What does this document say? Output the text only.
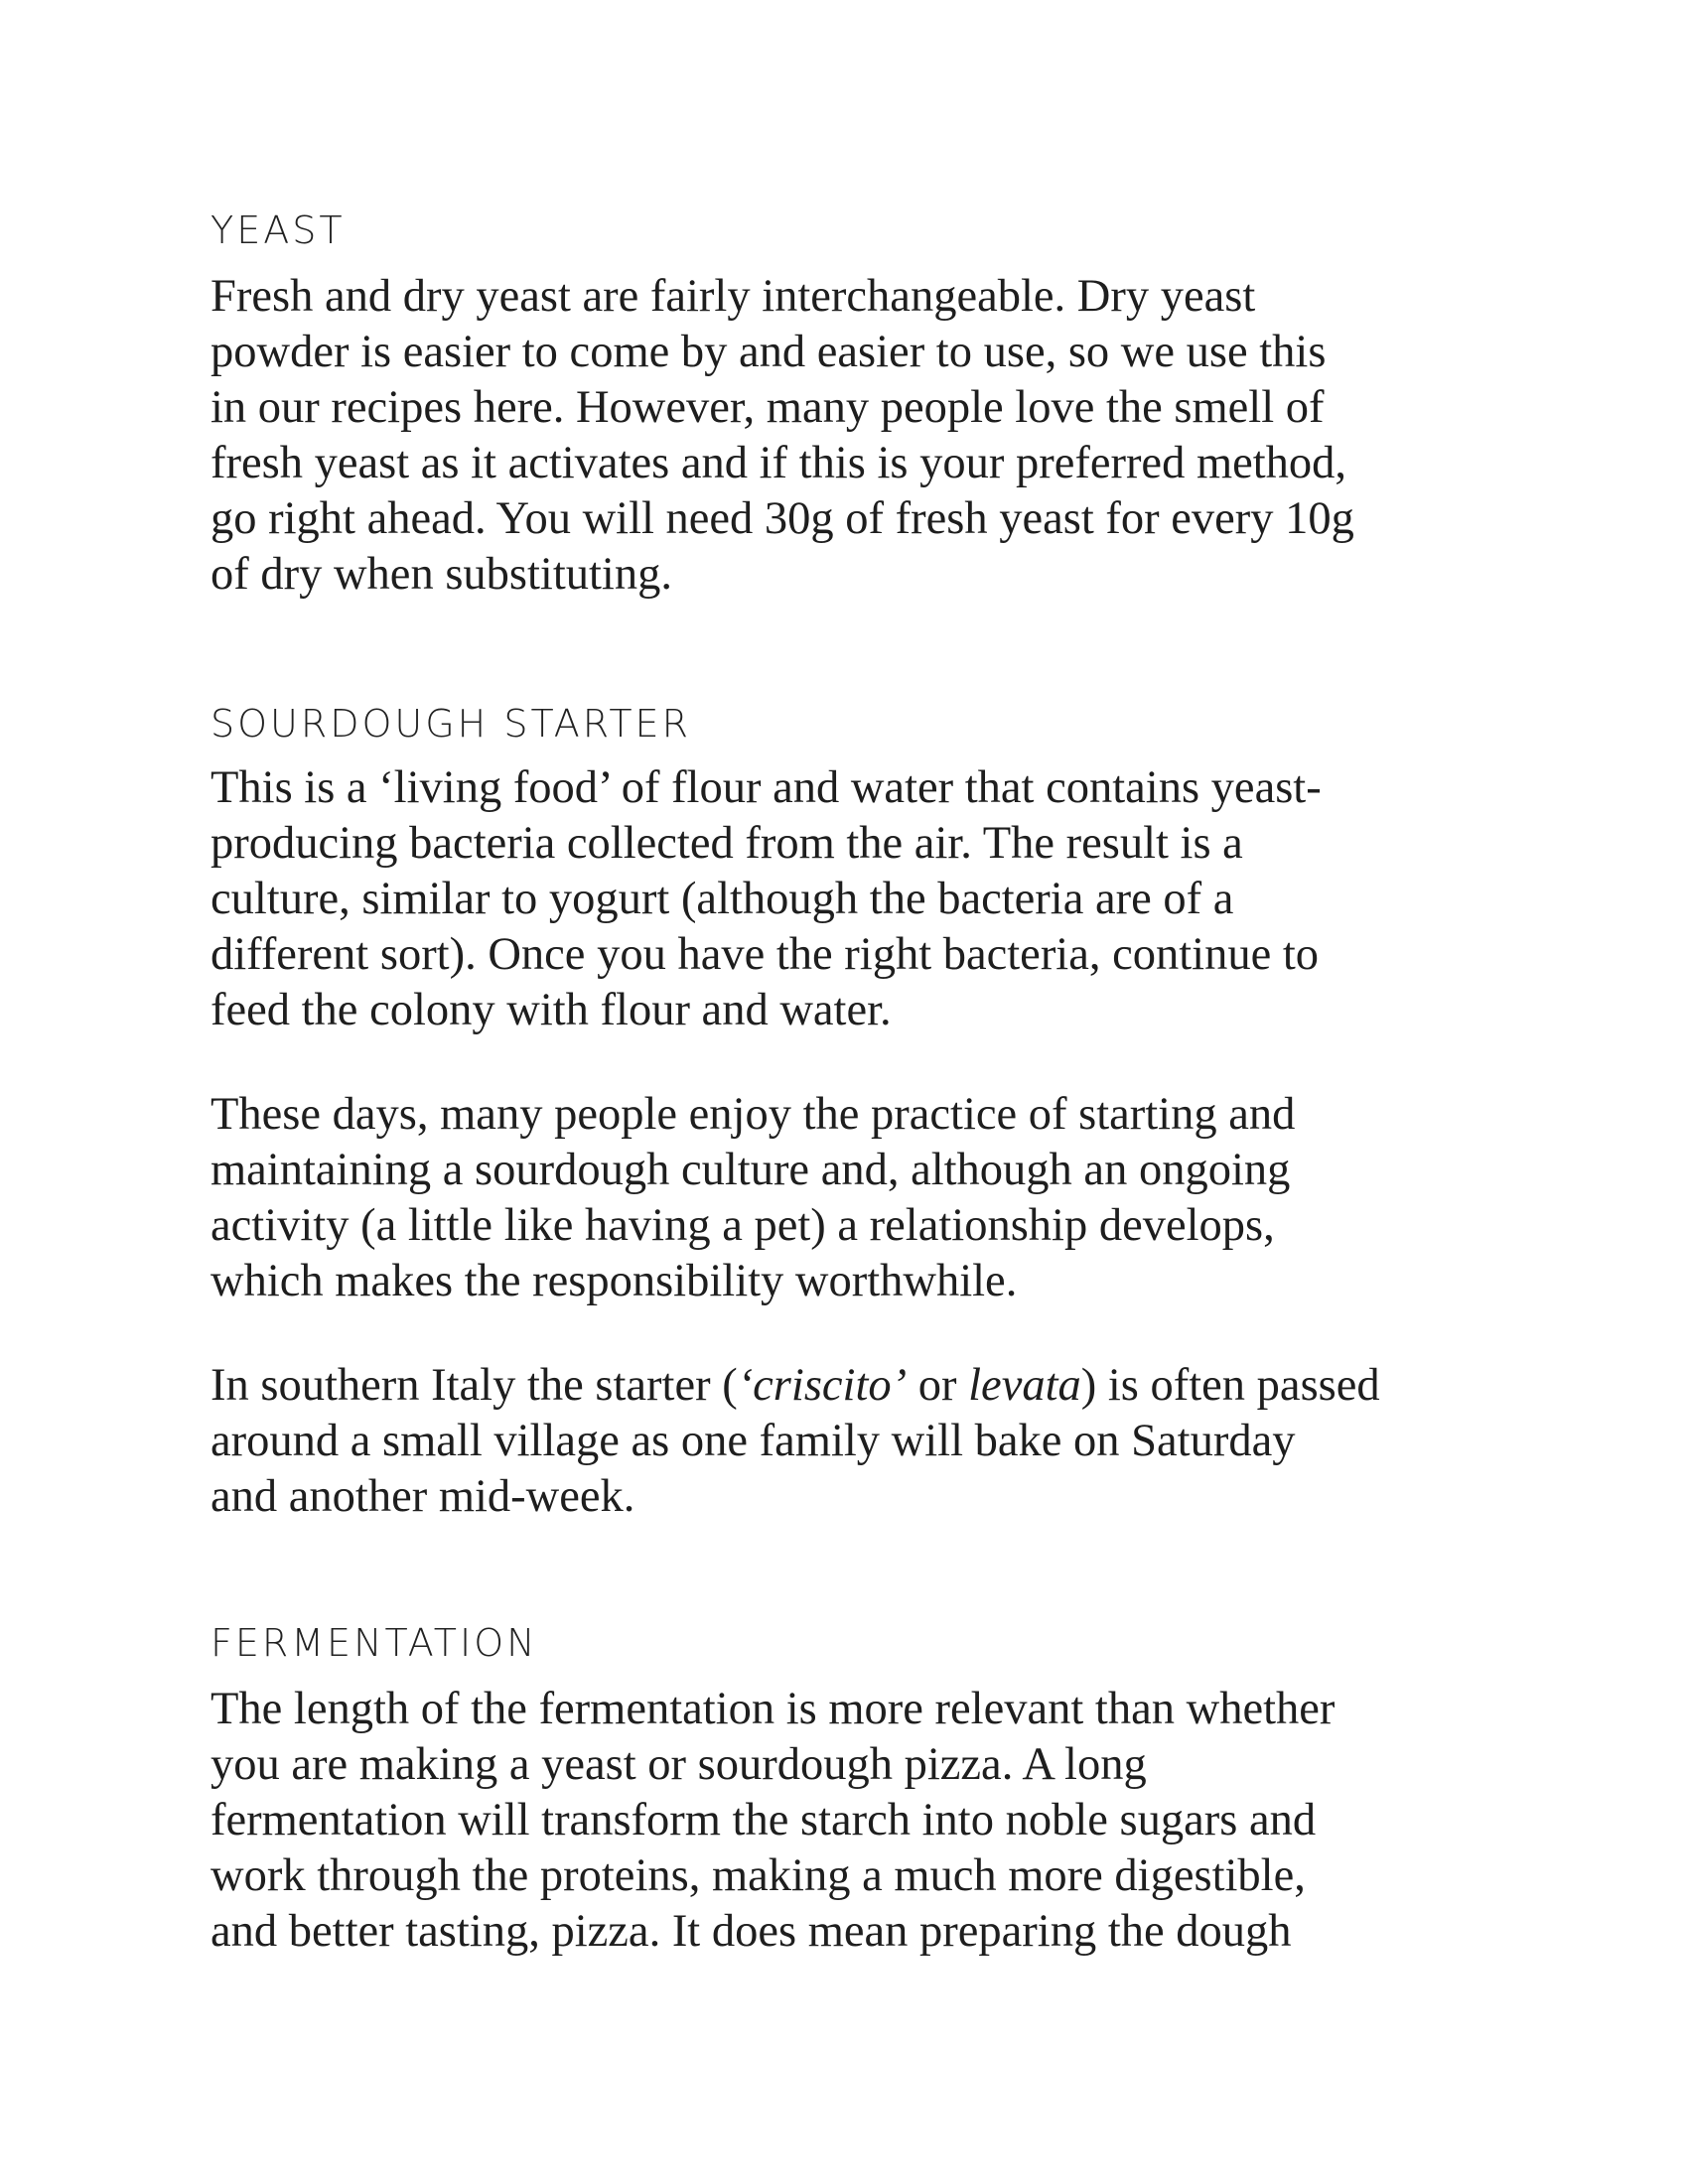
YEAST
Fresh and dry yeast are fairly interchangeable. Dry yeast
powder is easier to come by and easier to use, so we use this
in our recipes here. However, many people love the smell of
fresh yeast as it activates and if this is your preferred method,
go right ahead. You will need 30g of fresh yeast for every 10g
of dry when substituting.
SOURDOUGH STARTER
This is a ‘living food’ of flour and water that contains yeast-
producing bacteria collected from the air. The result is a
culture, similar to yogurt (although the bacteria are of a
different sort). Once you have the right bacteria, continue to
feed the colony with flour and water.
These days, many people enjoy the practice of starting and
maintaining a sourdough culture and, although an ongoing
activity (a little like having a pet) a relationship develops,
which makes the responsibility worthwhile.
In southern Italy the starter (‘criscito’ or levata) is often passed
around a small village as one family will bake on Saturday
and another mid-week.
FERMENTATION
The length of the fermentation is more relevant than whether
you are making a yeast or sourdough pizza. A long
fermentation will transform the starch into noble sugars and
work through the proteins, making a much more digestible,
and better tasting, pizza. It does mean preparing the dough
